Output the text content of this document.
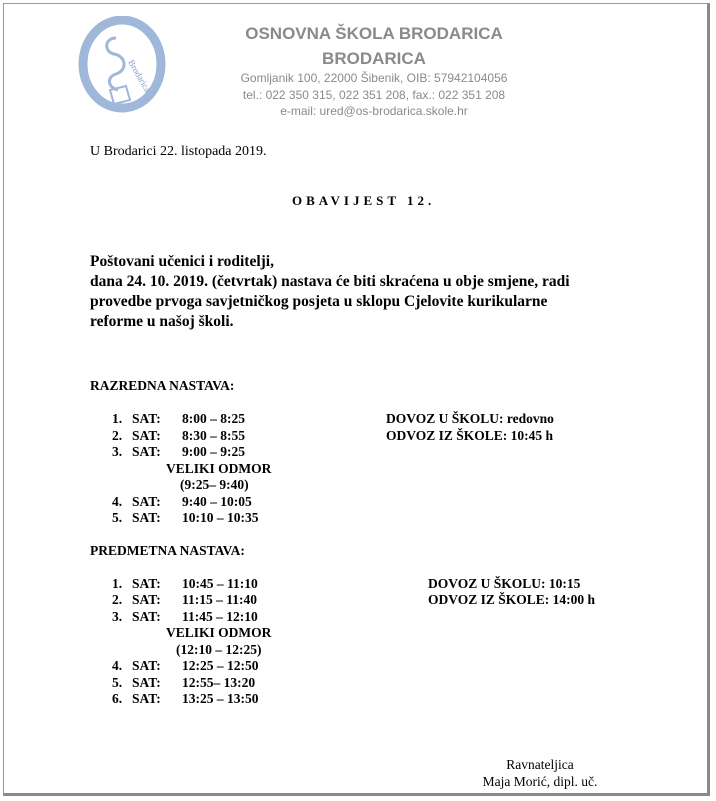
Brodarica
OSNOVNA ŠKOLA BRODARICA
BRODARICA
Gomljanik 100, 22000 Šibenik, OIB: 57942104056
tel.: 022 350 315, 022 351 208, fax.: 022 351 208
e-mail: ured@os-brodarica.skole.hr
U Brodarici 22. listopada 2019.
OBAVIJEST 12.
Poštovani učenici i roditelji,
dana 24. 10. 2019. (četvrtak) nastava će biti skraćena u obje smjene, radi
provedbe prvoga savjetničkog posjeta u sklopu Cjelovite kurikularne
reforme u našoj školi.
RAZREDNA NASTAVA:
1. SAT: 8:00 – 8:25
2. SAT: 8:30 – 8:55
3. SAT: 9:00 – 9:25
VELIKI ODMOR
(9:25– 9:40)
4. SAT: 9:40 – 10:05
5. SAT: 10:10 – 10:35
DOVOZ U ŠKOLU: redovno
ODVOZ IZ ŠKOLE: 10:45 h
PREDMETNA NASTAVA:
1. SAT: 10:45 – 11:10
2. SAT: 11:15 – 11:40
3. SAT: 11:45 – 12:10
VELIKI ODMOR
(12:10 – 12:25)
4. SAT: 12:25 – 12:50
5. SAT: 12:55– 13:20
6. SAT: 13:25 – 13:50
DOVOZ U ŠKOLU: 10:15
ODVOZ IZ ŠKOLE: 14:00 h
Ravnateljica
Maja Morić, dipl. uč.
